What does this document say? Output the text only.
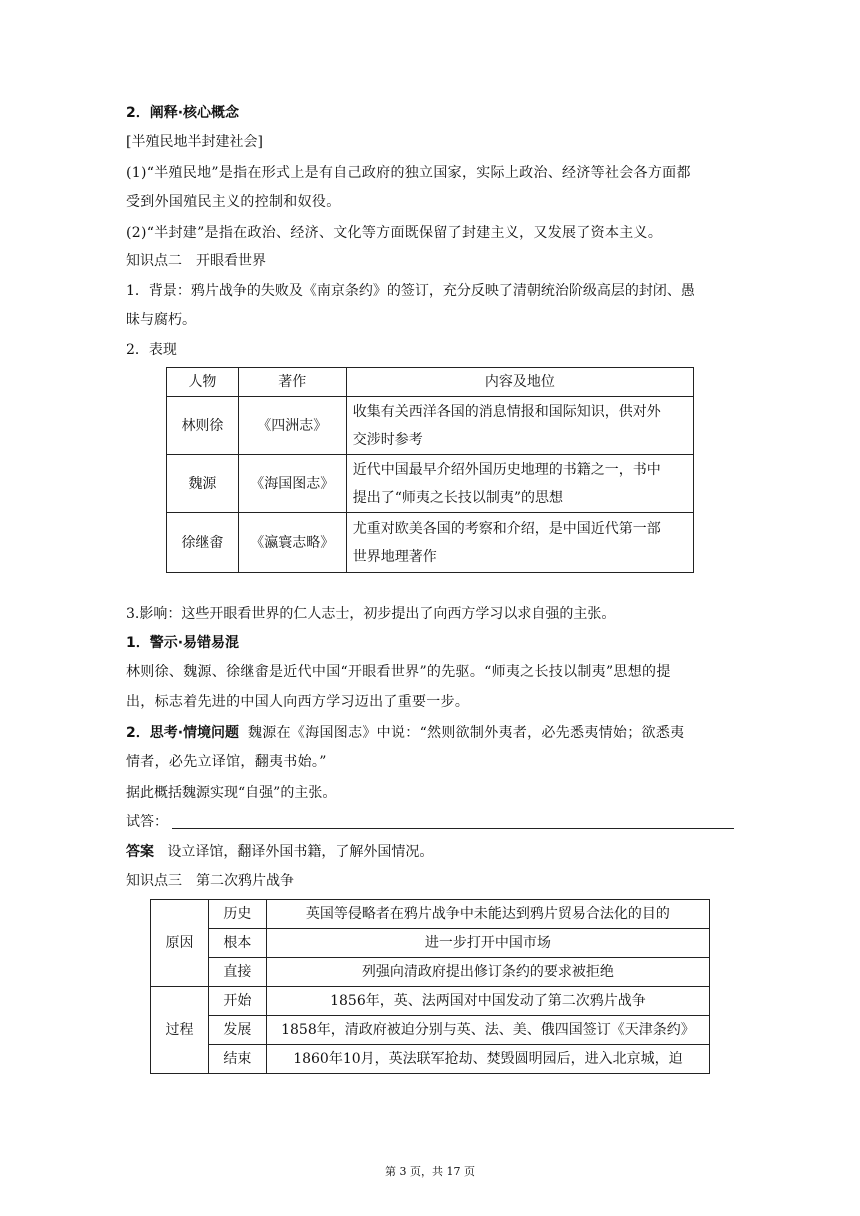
2．阐释·核心概念
[半殖民地半封建社会]
(1)“半殖民地”是指在形式上是有自己政府的独立国家，实际上政治、经济等社会各方面都
受到外国殖民主义的控制和奴役。
(2)“半封建”是指在政治、经济、文化等方面既保留了封建主义，又发展了资本主义。
知识点二　开眼看世界
1．背景：鸦片战争的失败及《南京条约》的签订，充分反映了清朝统治阶级高层的封闭、愚
昧与腐朽。
2．表现
人物	著作	内容及地位
林则徐	《四洲志》	收集有关西洋各国的消息情报和国际知识，供对外
交涉时参考

魏源	《海国图志》	近代中国最早介绍外国历史地理的书籍之一，书中
提出了“师夷之长技以制夷”的思想

徐继畬	《瀛寰志略》	尤重对欧美各国的考察和介绍，是中国近代第一部
世界地理著作
3.影响：这些开眼看世界的仁人志士，初步提出了向西方学习以求自强的主张。
1．警示·易错易混
林则徐、魏源、徐继畬是近代中国“开眼看世界”的先驱。“师夷之长技以制夷”思想的提
出，标志着先进的中国人向西方学习迈出了重要一步。
2．思考·情境问题 魏源在《海国图志》中说：“然则欲制外夷者，必先悉夷情始；欲悉夷
情者，必先立译馆，翻夷书始。”
据此概括魏源实现“自强”的主张。
试答：
答案 设立译馆，翻译外国书籍，了解外国情况。
知识点三　第二次鸦片战争
原因	历史	英国等侵略者在鸦片战争中未能达到鸦片贸易合法化的目的
	根本	进一步打开中国市场
	直接	列强向清政府提出修订条约的要求被拒绝
过程	开始	1856年，英、法两国对中国发动了第二次鸦片战争
	发展	1858年，清政府被迫分别与英、法、美、俄四国签订《天津条约》
	结束	1860年10月，英法联军抢劫、焚毁圆明园后，进入北京城，迫
第 3 页，共 17 页
